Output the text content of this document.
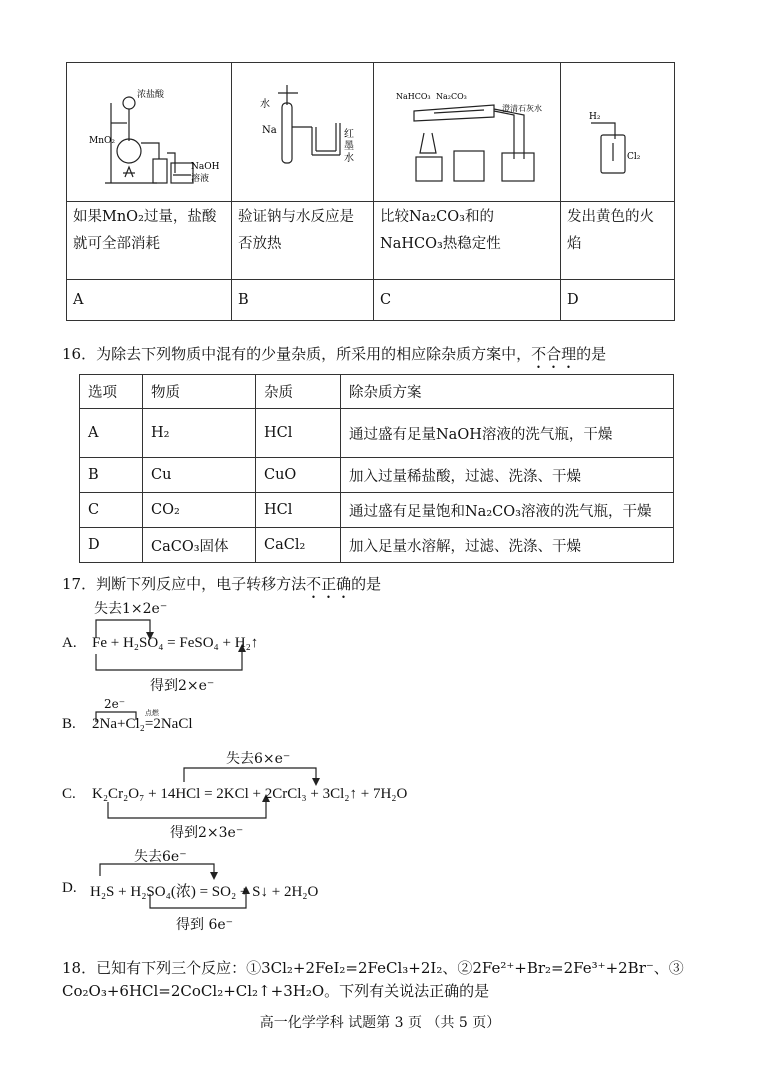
浓盐酸
MnO₂
NaOH
溶液	水
Na 红
墨
水	NaHCO₃ Na₂CO₃
澄清石灰水	H₂
Cl₂

如果MnO₂过量，盐酸就可全部消耗	验证钠与水反应是否放热	比较Na₂CO₃和的NaHCO₃热稳定性	发出黄色的火焰
A	B	C	D
16．为除去下列物质中混有的少量杂质，所采用的相应除杂质方案中，不合理的是
选项	物质	杂质	除杂质方案
A	H₂	HCl	通过盛有足量NaOH溶液的洗气瓶，干燥
B	Cu	CuO	加入过量稀盐酸，过滤、洗涤、干燥
C	CO₂	HCl	通过盛有足量饱和Na₂CO₃溶液的洗气瓶，干燥
D	CaCO₃固体	CaCl₂	加入足量水溶解，过滤、洗涤、干燥
17．判断下列反应中，电子转移方法不正确的是
失去1×2e⁻
A. Fe + H₂SO₄ = FeSO₄ + H₂↑
得到2×e⁻
2e⁻
B. 2Na+Cl₂
点燃
=2NaCl
失去6×e⁻
C. K₂Cr₂O₇ + 14HCl = 2KCl + 2CrCl₃ + 3Cl₂↑ + 7H₂O
得到2×3e⁻
失去6e⁻
D. H₂S + H₂SO₄(浓) = SO₂ + S↓ + 2H₂O
得到 6e⁻
18．已知有下列三个反应：①3Cl₂+2FeI₂=2FeCl₃+2I₂、②2Fe²⁺+Br₂=2Fe³⁺+2Br⁻、③
Co₂O₃+6HCl=2CoCl₂+Cl₂↑+3H₂O。下列有关说法正确的是
高一化学学科 试题第 3 页 （共 5 页）
